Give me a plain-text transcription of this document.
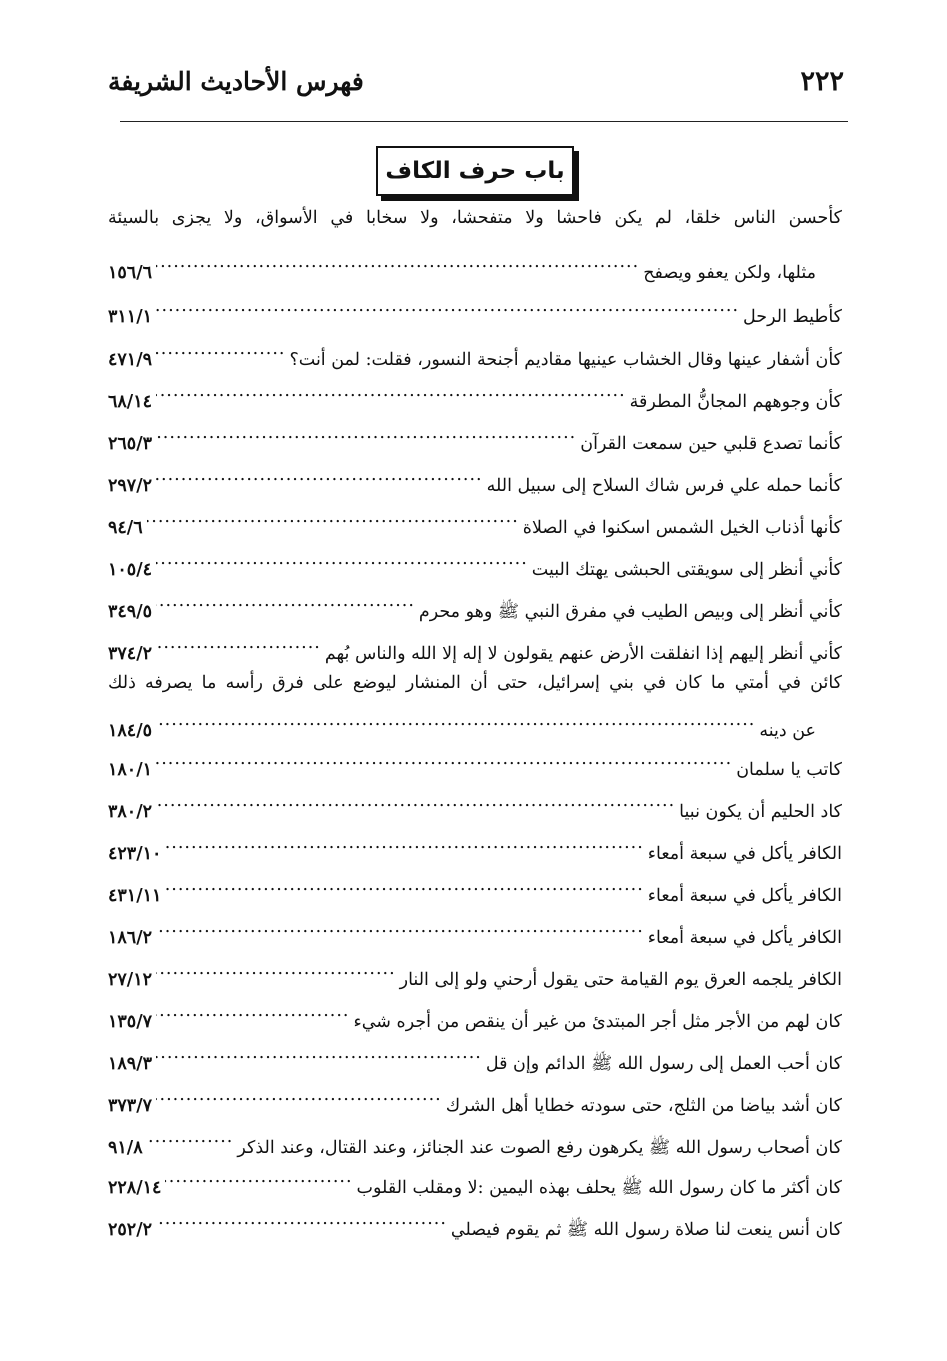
٢٢٢
فهرس الأحاديث الشريفة
باب حرف الكاف
كأحسن الناس خلقا، لم يكن فاحشا ولا متفحشا، ولا سخابا في الأسواق، ولا يجزى بالسيئة
مثلها، ولكن يعفو ويصفح
.....
١٥٦/٦
كأطيط الرحل
.....
٣١١/١
كأن أشفار عينها وقال الخشاب عينيها مقاديم أجنحة النسور، فقلت: لمن أنت؟
.....
٤٧١/٩
كأن وجوههم المجانُّ المطرقة
.....
٦٨/١٤
كأنما تصدع قلبي حين سمعت القرآن
.....
٢٦٥/٣
كأنما حمله علي فرس شاك السلاح إلى سبيل الله
.....
٢٩٧/٢
كأنها أذناب الخيل الشمس اسكنوا في الصلاة
.....
٩٤/٦
كأني أنظر إلى سويقتى الحبشى يهتك البيت
.....
١٠٥/٤
كأني أنظر إلى وبيص الطيب في مفرق النبي ﷺ وهو محرم
.....
٣٤٩/٥
كأني أنظر إليهم إذا انفلقت الأرض عنهم يقولون لا إله إلا الله والناس بُهم
.....
٣٧٤/٢
كائن في أمتي ما كان في بني إسرائيل، حتى أن المنشار ليوضع على فرق رأسه ما يصرفه ذلك
عن دينه
.....
١٨٤/٥
كاتب يا سلمان
.....
١٨٠/١
كاد الحليم أن يكون نبيا
.....
٣٨٠/٢
الكافر يأكل في سبعة أمعاء
.....
٤٢٣/١٠
الكافر يأكل في سبعة أمعاء
.....
٤٣١/١١
الكافر يأكل في سبعة أمعاء
.....
١٨٦/٢
الكافر يلجمه العرق يوم القيامة حتى يقول أرحني ولو إلى النار
.....
٢٧/١٢
كان لهم من الأجر مثل أجر المبتدئ من غير أن ينقص من أجره شيء
.....
١٣٥/٧
كان أحب العمل إلى رسول الله ﷺ الدائم وإن قل
.....
١٨٩/٣
كان أشد بياضا من الثلج، حتى سودته خطايا أهل الشرك
.....
٣٧٣/٧
كان أصحاب رسول الله ﷺ يكرهون رفع الصوت عند الجنائز، وعند القتال، وعند الذكر
.....
٩١/٨
كان أكثر ما كان رسول الله ﷺ يحلف بهذه اليمين :لا ومقلب القلوب
.....
٢٢٨/١٤
كان أنس ينعت لنا صلاة رسول الله ﷺ ثم يقوم فيصلي
.....
٢٥٢/٢
